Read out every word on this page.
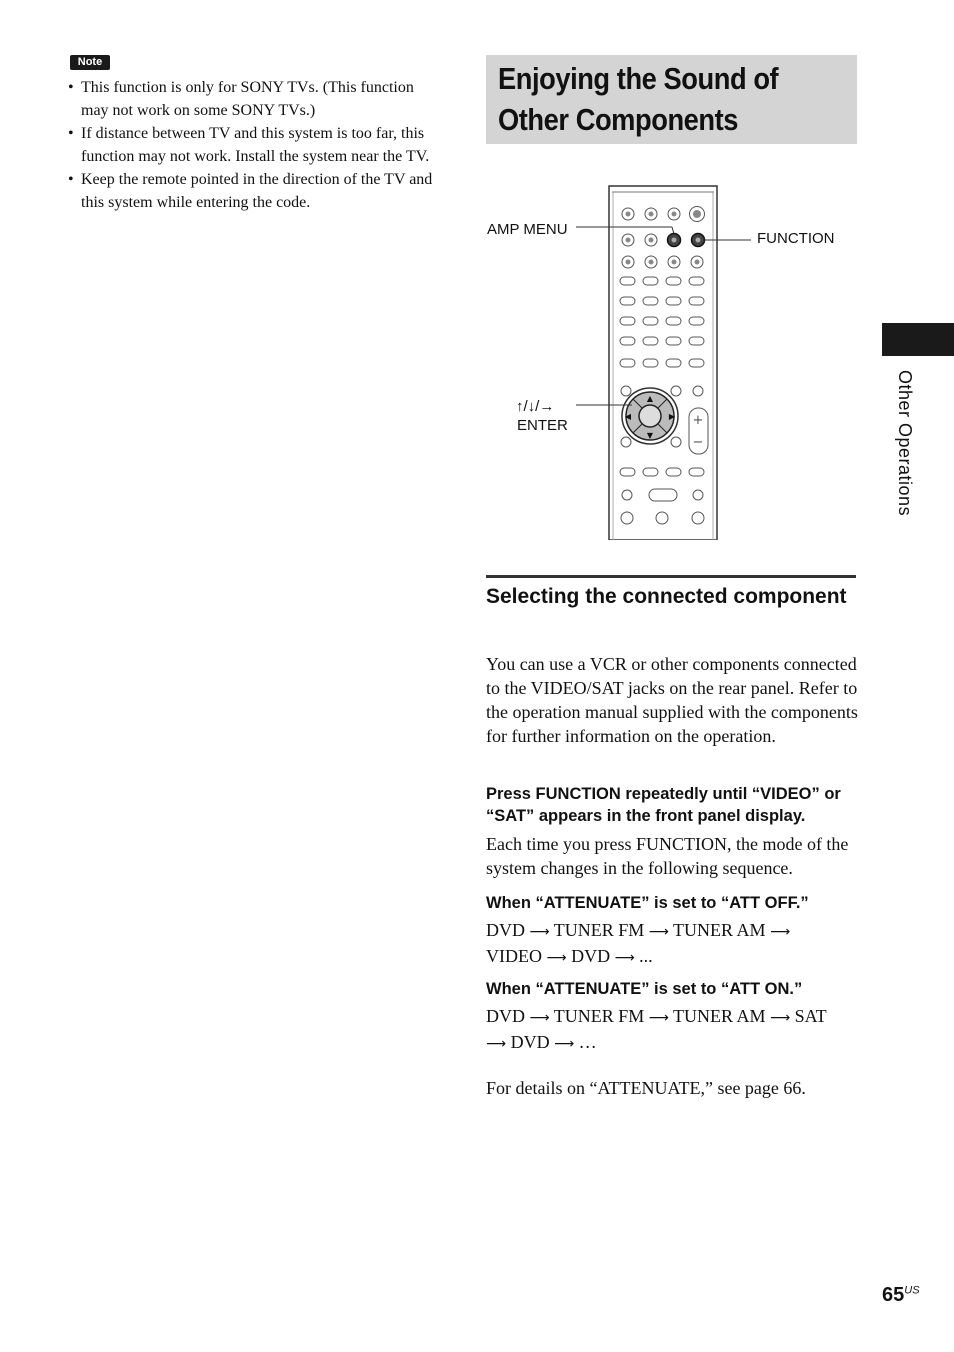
Note
• This function is only for SONY TVs. (This function may not work on some SONY TVs.)
• If distance between TV and this system is too far, this function may not work. Install the system near the TV.
• Keep the remote pointed in the direction of the TV and this system while entering the code.
Enjoying the Sound of
Other Components
Other Operations
+
−
▲
▼
▶
◀
AMP MENU
FUNCTION
↑/↓/→
ENTER
Selecting the connected component
You can use a VCR or other components connected to the VIDEO/SAT jacks on the rear panel. Refer to the operation manual supplied with the components for further information on the operation.
Press FUNCTION repeatedly until “VIDEO” or “SAT” appears in the front panel display.
Each time you press FUNCTION, the mode of the system changes in the following sequence.
When “ATTENUATE” is set to “ATT OFF.”
DVD ⟶ TUNER FM ⟶ TUNER AM ⟶
VIDEO ⟶ DVD ⟶ ...
When “ATTENUATE” is set to “ATT ON.”
DVD ⟶ TUNER FM ⟶ TUNER AM ⟶ SAT
⟶ DVD ⟶ …
For details on “ATTENUATE,” see page 66.
$65^{US}$
